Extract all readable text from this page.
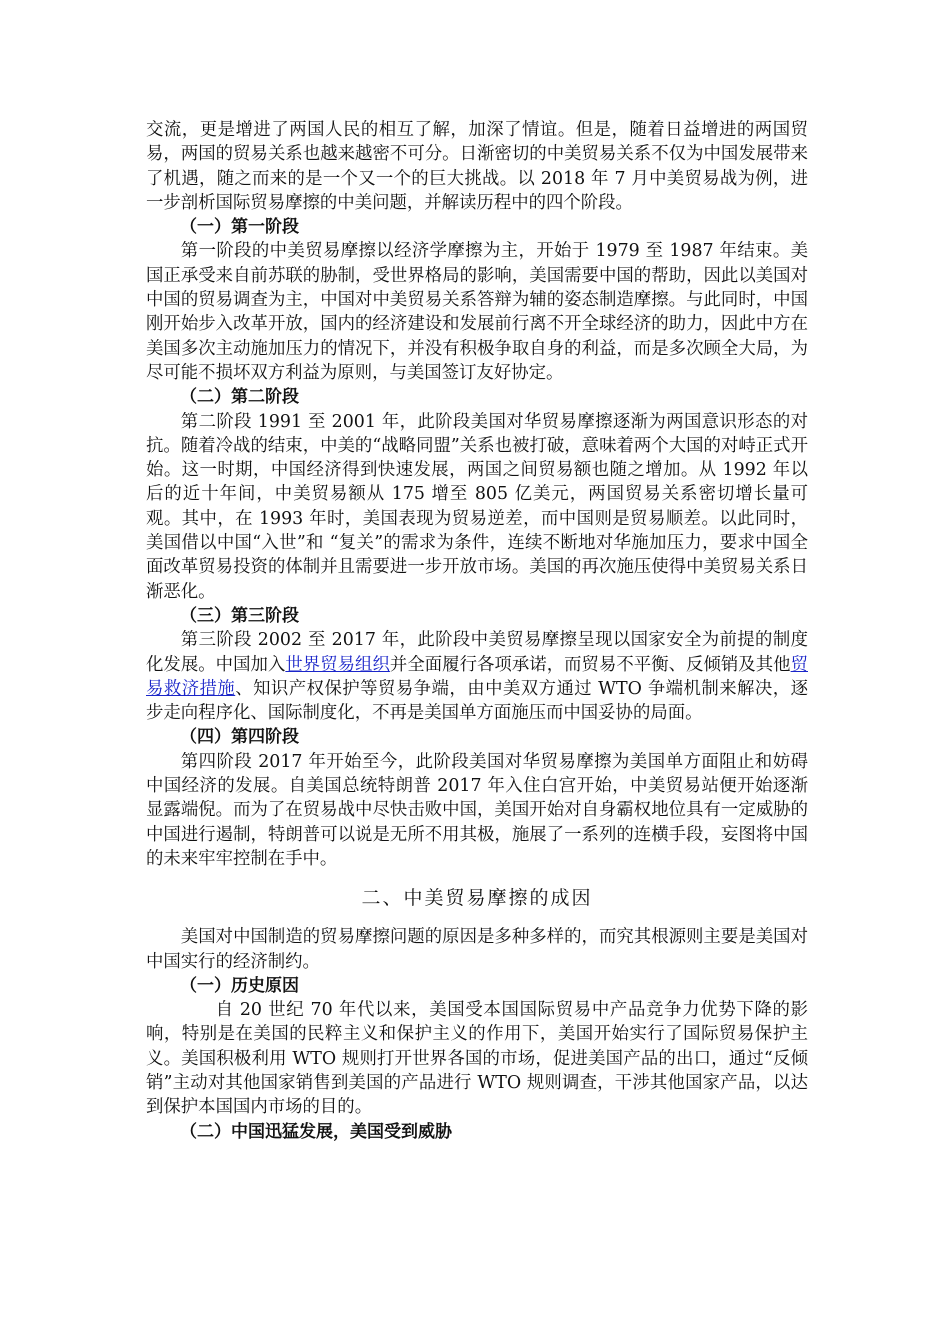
交流，更是增进了两国人民的相互了解，加深了情谊。但是，随着日益增进的两国贸易，两国的贸易关系也越来越密不可分。日渐密切的中美贸易关系不仅为中国发展带来了机遇，随之而来的是一个又一个的巨大挑战。以 2018 年 7 月中美贸易战为例，进一步剖析国际贸易摩擦的中美问题，并解读历程中的四个阶段。

（一）第一阶段

第一阶段的中美贸易摩擦以经济学摩擦为主，开始于 1979 至 1987 年结束。美国正承受来自前苏联的胁制，受世界格局的影响，美国需要中国的帮助，因此以美国对中国的贸易调查为主，中国对中美贸易关系答辩为辅的姿态制造摩擦。与此同时，中国刚开始步入改革开放，国内的经济建设和发展前行离不开全球经济的助力，因此中方在美国多次主动施加压力的情况下，并没有积极争取自身的利益，而是多次顾全大局，为尽可能不损坏双方利益为原则，与美国签订友好协定。

（二）第二阶段

第二阶段 1991 至 2001 年，此阶段美国对华贸易摩擦逐渐为两国意识形态的对抗。随着冷战的结束，中美的“战略同盟”关系也被打破，意味着两个大国的对峙正式开始。这一时期，中国经济得到快速发展，两国之间贸易额也随之增加。从 1992 年以后的近十年间，中美贸易额从 175 增至 805 亿美元，两国贸易关系密切增长量可观。其中，在 1993 年时，美国表现为贸易逆差，而中国则是贸易顺差。以此同时，美国借以中国“入世”和 “复关”的需求为条件，连续不断地对华施加压力，要求中国全面改革贸易投资的体制并且需要进一步开放市场。美国的再次施压使得中美贸易关系日渐恶化。

（三）第三阶段

第三阶段 2002 至 2017 年，此阶段中美贸易摩擦呈现以国家安全为前提的制度化发展。中国加入世界贸易组织并全面履行各项承诺，而贸易不平衡、反倾销及其他贸易救济措施、知识产权保护等贸易争端，由中美双方通过 WTO 争端机制来解决，逐步走向程序化、国际制度化，不再是美国单方面施压而中国妥协的局面。

（四）第四阶段

第四阶段 2017 年开始至今，此阶段美国对华贸易摩擦为美国单方面阻止和妨碍中国经济的发展。自美国总统特朗普 2017 年入住白宫开始，中美贸易站便开始逐渐显露端倪。而为了在贸易战中尽快击败中国，美国开始对自身霸权地位具有一定威胁的中国进行遏制，特朗普可以说是无所不用其极，施展了一系列的连横手段，妄图将中国的未来牢牢控制在手中。

二、中美贸易摩擦的成因

美国对中国制造的贸易摩擦问题的原因是多种多样的，而究其根源则主要是美国对中国实行的经济制约。

（一）历史原因

自 20 世纪 70 年代以来，美国受本国国际贸易中产品竞争力优势下降的影响，特别是在美国的民粹主义和保护主义的作用下，美国开始实行了国际贸易保护主义。美国积极利用 WTO 规则打开世界各国的市场，促进美国产品的出口，通过“反倾销”主动对其他国家销售到美国的产品进行 WTO 规则调查，干涉其他国家产品，以达到保护本国国内市场的目的。

（二）中国迅猛发展，美国受到威胁
